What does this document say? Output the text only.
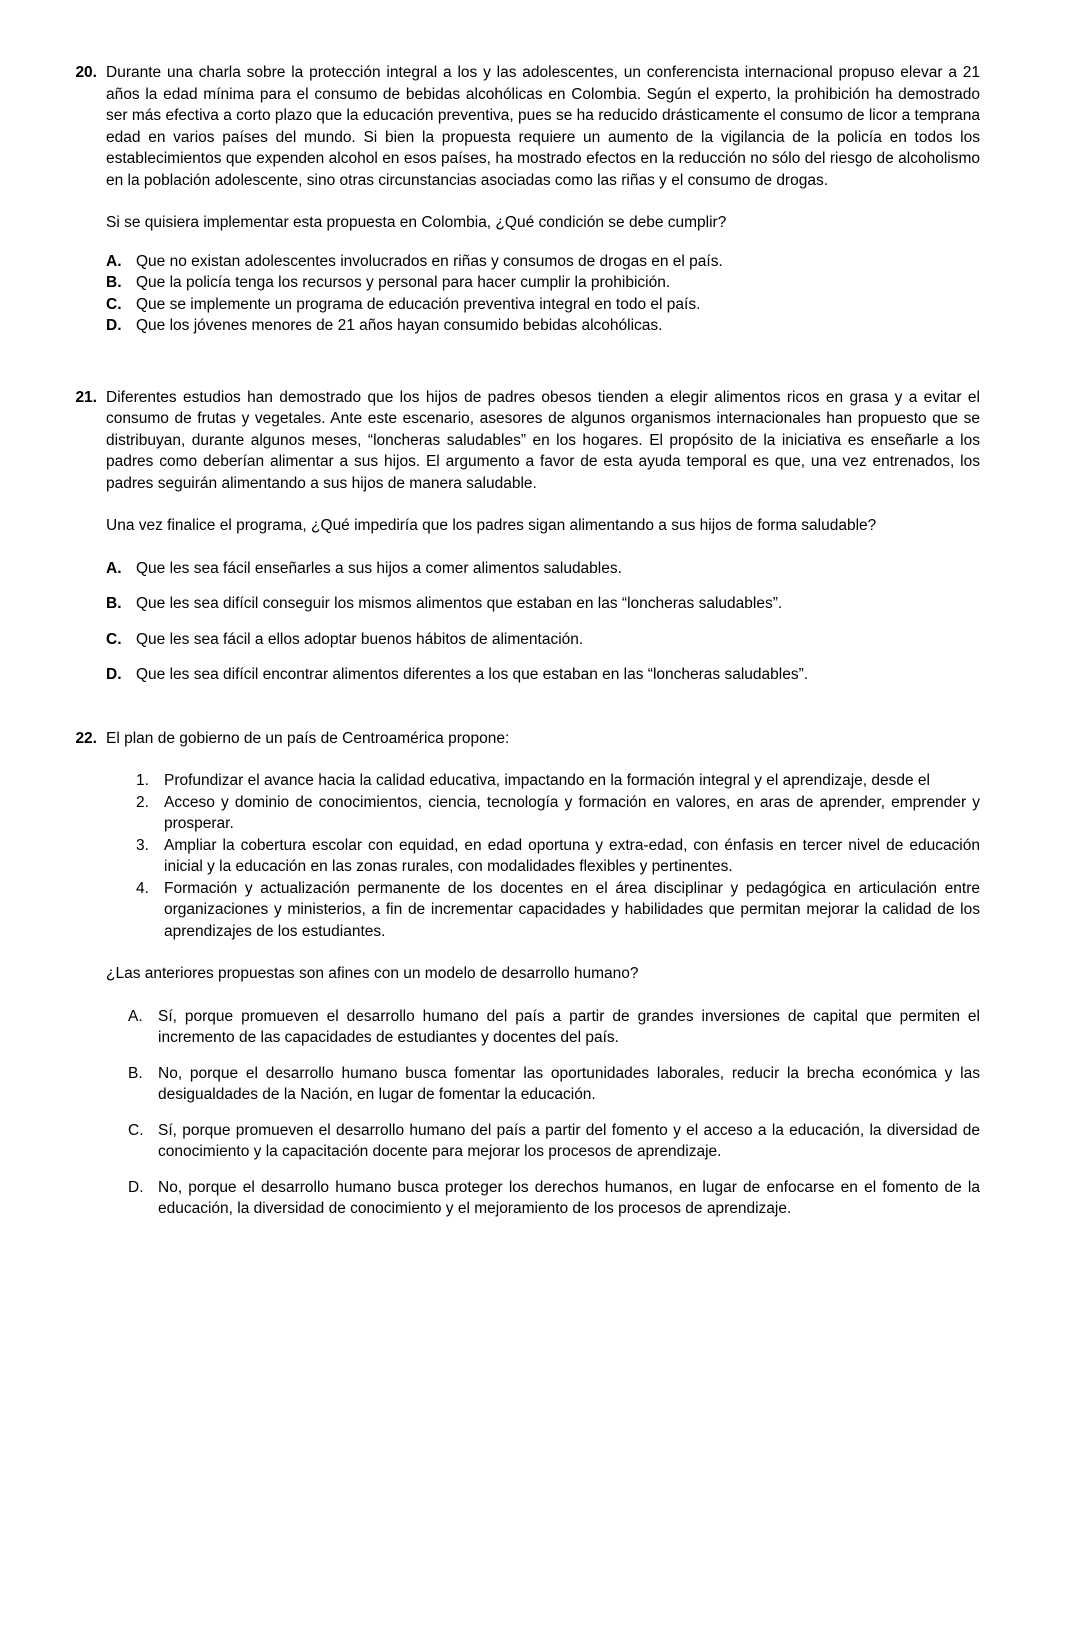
20. Durante una charla sobre la protección integral a los y las adolescentes, un conferencista internacional propuso elevar a 21 años la edad mínima para el consumo de bebidas alcohólicas en Colombia. Según el experto, la prohibición ha demostrado ser más efectiva a corto plazo que la educación preventiva, pues se ha reducido drásticamente el consumo de licor a temprana edad en varios países del mundo. Si bien la propuesta requiere un aumento de la vigilancia de la policía en todos los establecimientos que expenden alcohol en esos países, ha mostrado efectos en la reducción no sólo del riesgo de alcoholismo en la población adolescente, sino otras circunstancias asociadas como las riñas y el consumo de drogas.

Si se quisiera implementar esta propuesta en Colombia, ¿Qué condición se debe cumplir?

A. Que no existan adolescentes involucrados en riñas y consumos de drogas en el país.
B. Que la policía tenga los recursos y personal para hacer cumplir la prohibición.
C. Que se implemente un programa de educación preventiva integral en todo el país.
D. Que los jóvenes menores de 21 años hayan consumido bebidas alcohólicas.
21. Diferentes estudios han demostrado que los hijos de padres obesos tienden a elegir alimentos ricos en grasa y a evitar el consumo de frutas y vegetales. Ante este escenario, asesores de algunos organismos internacionales han propuesto que se distribuyan, durante algunos meses, “loncheras saludables” en los hogares. El propósito de la iniciativa es enseñarle a los padres como deberían alimentar a sus hijos. El argumento a favor de esta ayuda temporal es que, una vez entrenados, los padres seguirán alimentando a sus hijos de manera saludable.

Una vez finalice el programa, ¿Qué impediría que los padres sigan alimentando a sus hijos de forma saludable?

A. Que les sea fácil enseñarles a sus hijos a comer alimentos saludables.
B. Que les sea difícil conseguir los mismos alimentos que estaban en las “loncheras saludables”.
C. Que les sea fácil a ellos adoptar buenos hábitos de alimentación.
D. Que les sea difícil encontrar alimentos diferentes a los que estaban en las “loncheras saludables”.
22. El plan de gobierno de un país de Centroamérica propone:

1. Profundizar el avance hacia la calidad educativa, impactando en la formación integral y el aprendizaje, desde el
2. Acceso y dominio de conocimientos, ciencia, tecnología y formación en valores, en aras de aprender, emprender y prosperar.
3. Ampliar la cobertura escolar con equidad, en edad oportuna y extra-edad, con énfasis en tercer nivel de educación inicial y la educación en las zonas rurales, con modalidades flexibles y pertinentes.
4. Formación y actualización permanente de los docentes en el área disciplinar y pedagógica en articulación entre organizaciones y ministerios, a fin de incrementar capacidades y habilidades que permitan mejorar la calidad de los aprendizajes de los estudiantes.

¿Las anteriores propuestas son afines con un modelo de desarrollo humano?

A. Sí, porque promueven el desarrollo humano del país a partir de grandes inversiones de capital que permiten el incremento de las capacidades de estudiantes y docentes del país.
B. No, porque el desarrollo humano busca fomentar las oportunidades laborales, reducir la brecha económica y las desigualdades de la Nación, en lugar de fomentar la educación.
C. Sí, porque promueven el desarrollo humano del país a partir del fomento y el acceso a la educación, la diversidad de conocimiento y la capacitación docente para mejorar los procesos de aprendizaje.
D. No, porque el desarrollo humano busca proteger los derechos humanos, en lugar de enfocarse en el fomento de la educación, la diversidad de conocimiento y el mejoramiento de los procesos de aprendizaje.
